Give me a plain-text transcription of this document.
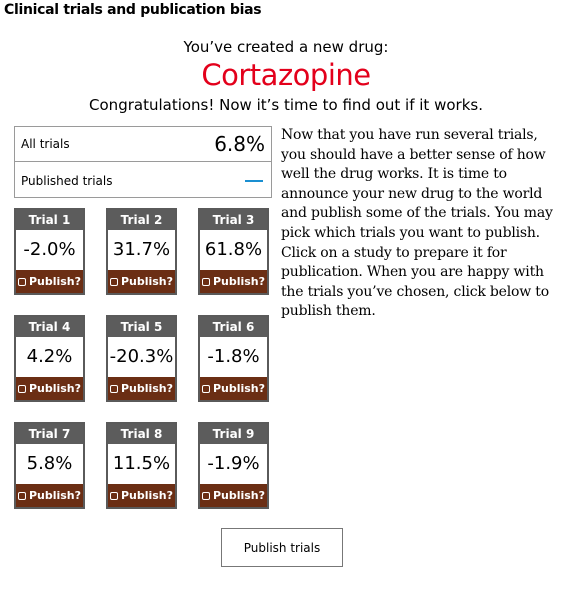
Clinical trials and publication bias
You’ve created a new drug:
Cortazopine
Congratulations! Now it’s time to find out if it works.
All trials	6.8%
Published trials
Trial 1
-2.0%
Publish?
Trial 2
31.7%
Publish?
Trial 3
61.8%
Publish?
Trial 4
4.2%
Publish?
Trial 5
-20.3%
Publish?
Trial 6
-1.8%
Publish?
Trial 7
5.8%
Publish?
Trial 8
11.5%
Publish?
Trial 9
-1.9%
Publish?
Now that you have run several trials, you should have a better sense of how well the drug works. It is time to announce your new drug to the world and publish some of the trials. You may pick which trials you want to publish. Click on a study to prepare it for publication. When you are happy with the trials you’ve chosen, click below to publish them.
Publish trials
